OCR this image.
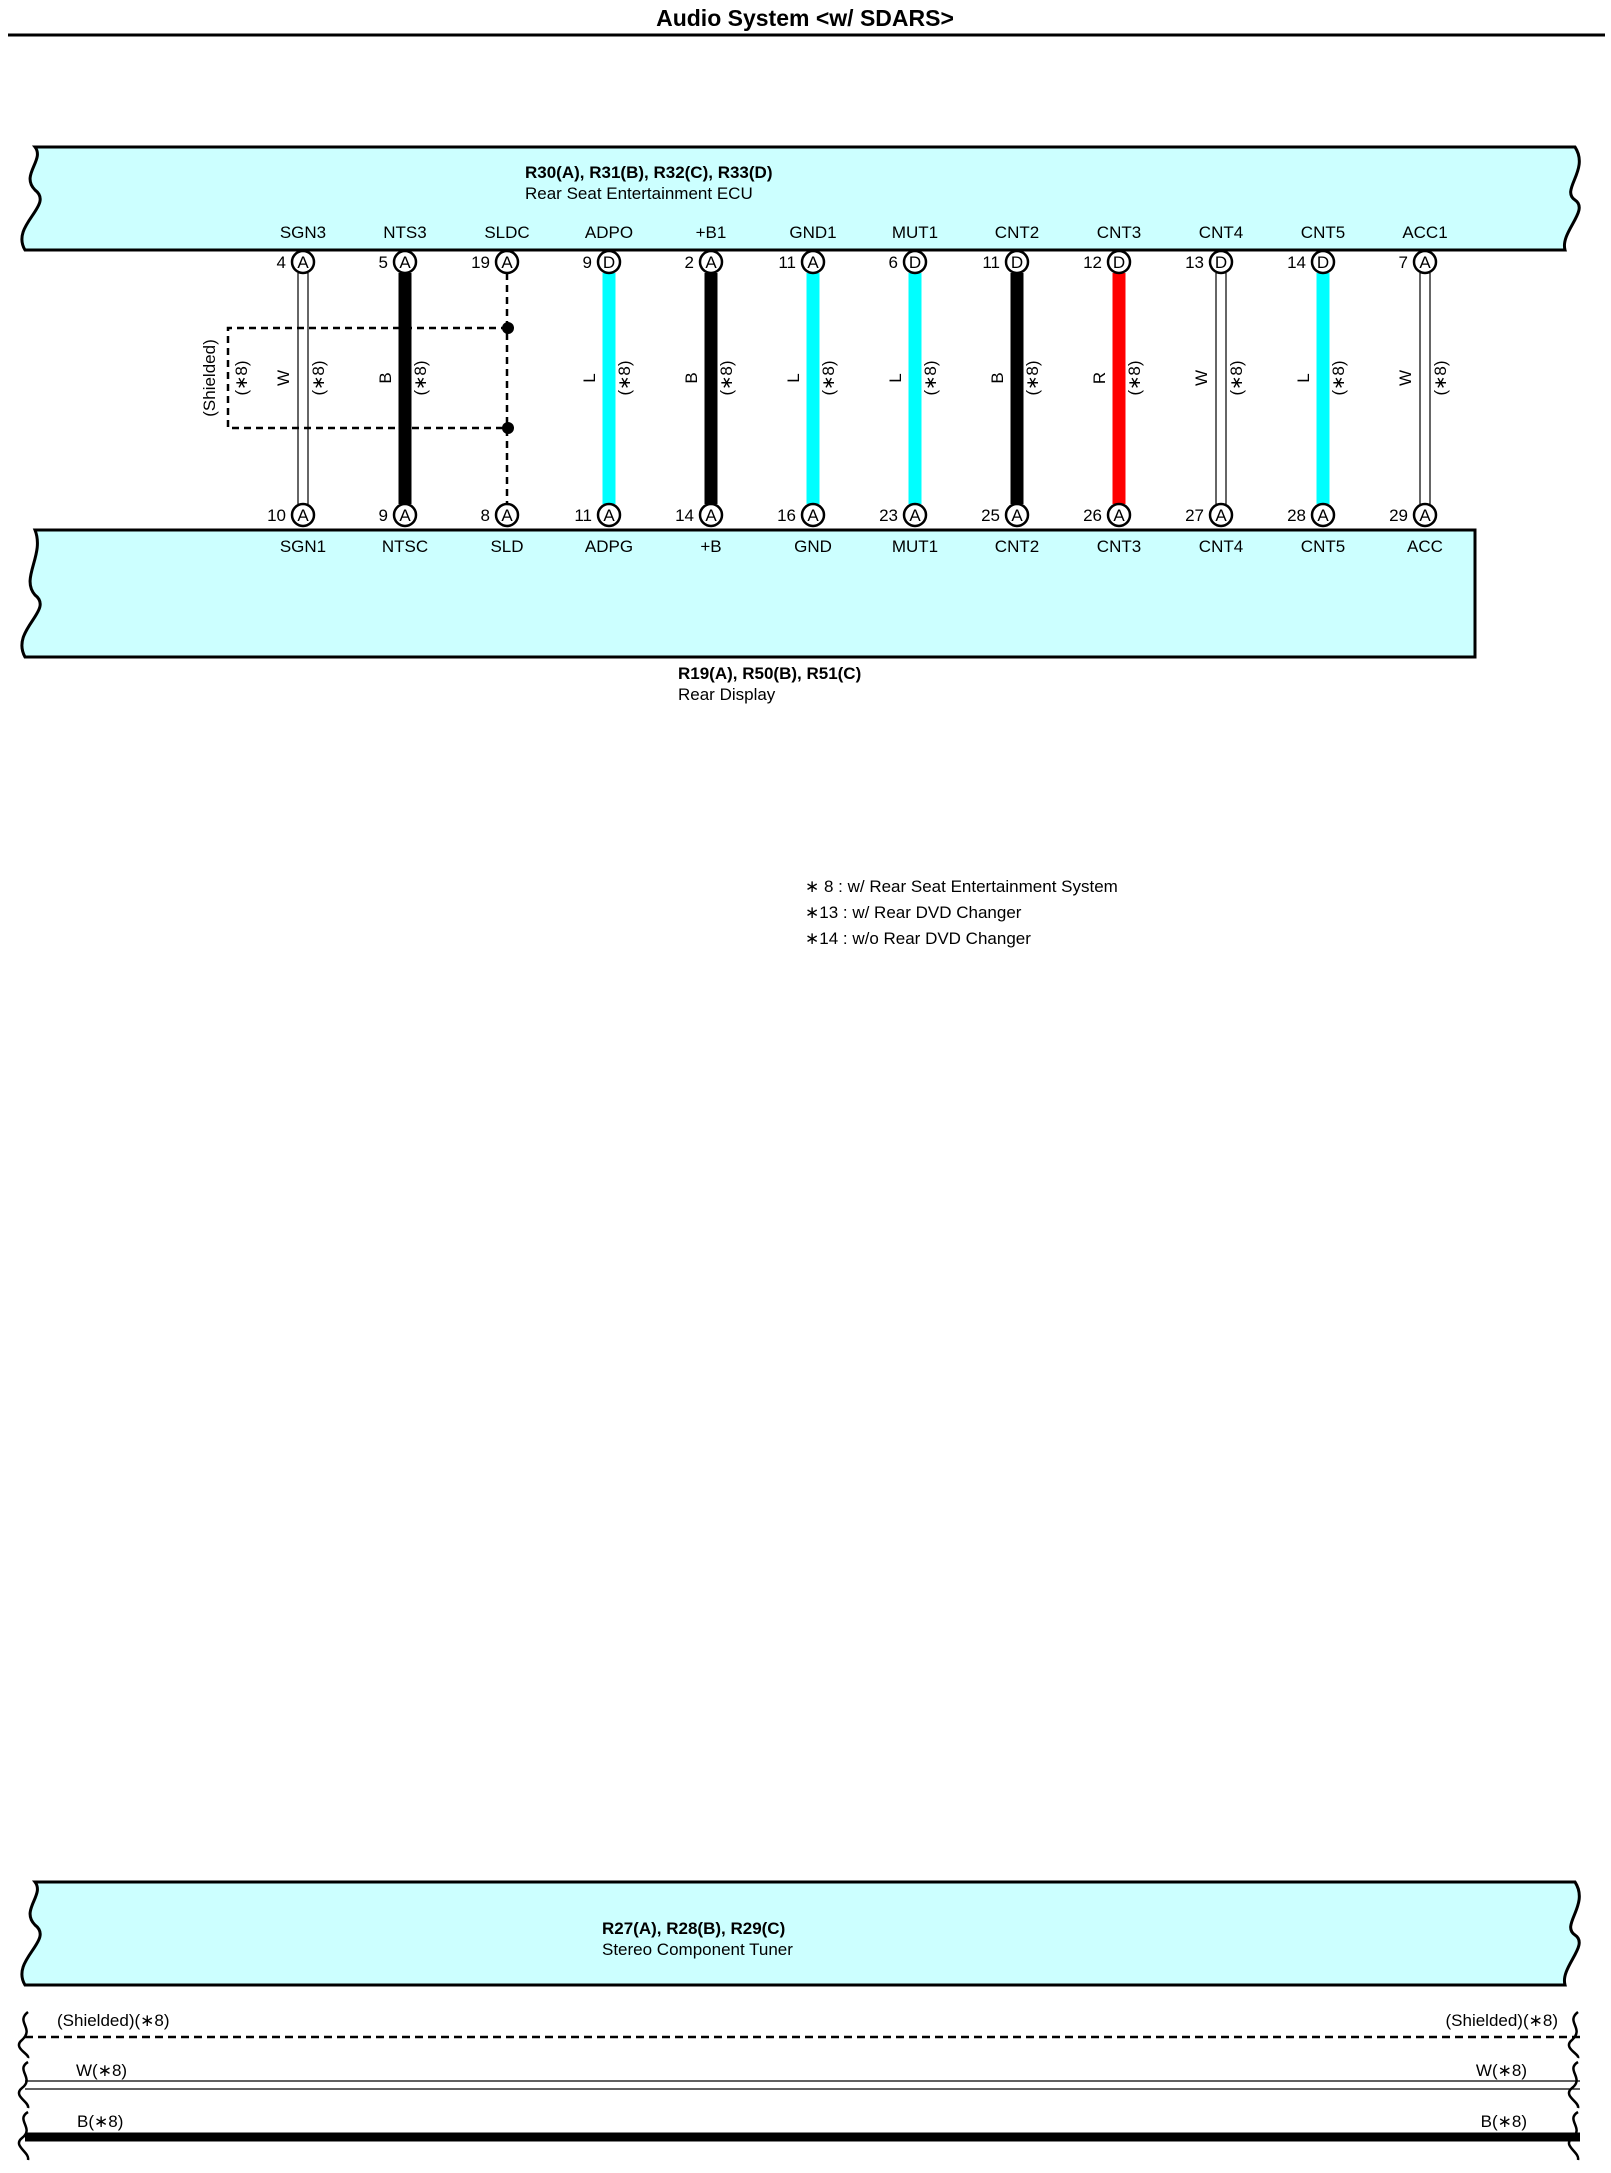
Audio System <w/ SDARS>
R30(A), R31(B), R32(C), R33(D)
Rear Seat Entertainment ECU
R19(A), R50(B), R51(C)
Rear Display
(Shielded) (∗8) W (∗8)
SGN3
4 A
SGN1
10 A
B (∗8)
NTS3
5 A
NTSC
9 A
SLDC
19 A
SLD
8 A
L (∗8)
ADPO
9 D
ADPG
11 A
B (∗8)
+B1
2 A
+B
14 A
L (∗8)
GND1
11 A
GND
16 A
L (∗8)
MUT1
6 D
MUT1
23 A
B (∗8)
CNT2
11 D
CNT2
25 A
R (∗8)
CNT3
12 D
CNT3
26 A
W (∗8)
CNT4
13 D
CNT4
27 A
L (∗8)
CNT5
14 D
CNT5
28 A
W (∗8)
ACC1
7 A
ACC
29 A
∗ 8 : w/ Rear Seat Entertainment System
∗13 : w/ Rear DVD Changer
∗14 : w/o Rear DVD Changer
R27(A), R28(B), R29(C)
Stereo Component Tuner
(Shielded)(∗8)	(Shielded)(∗8)
W(∗8)	W(∗8)
B(∗8)	B(∗8)
